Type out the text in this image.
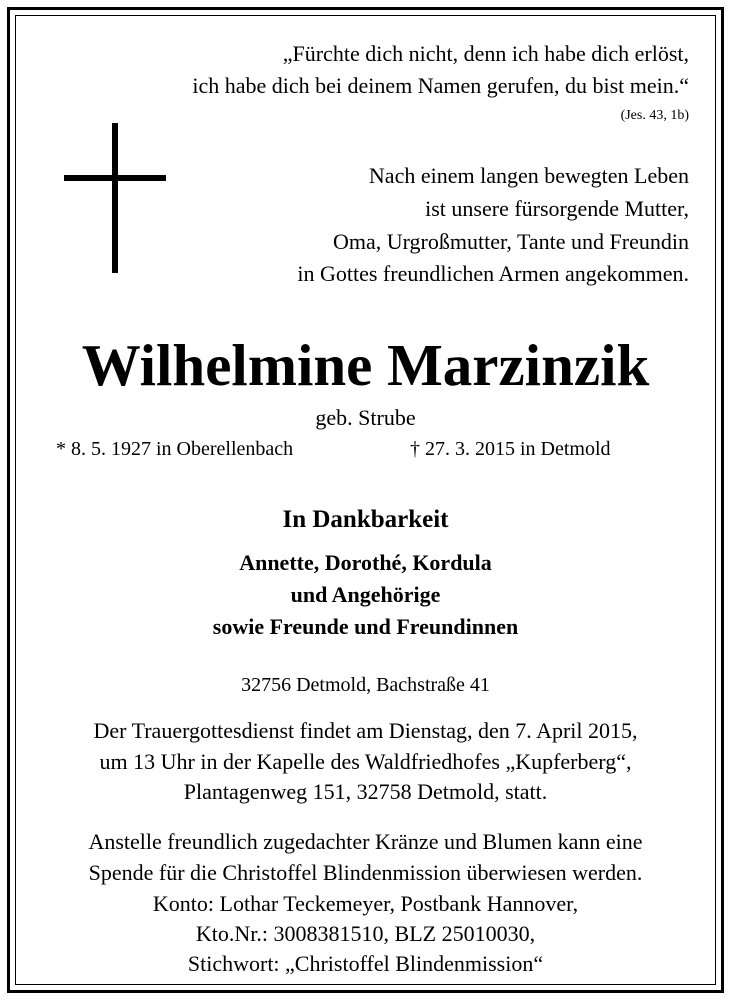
„Fürchte dich nicht, denn ich habe dich erlöst,
ich habe dich bei deinem Namen gerufen, du bist mein.“
(Jes. 43, 1b)
Nach einem langen bewegten Leben
ist unsere fürsorgende Mutter,
Oma, Urgroßmutter, Tante und Freundin
in Gottes freundlichen Armen angekommen.
Wilhelmine Marzinzik
geb. Strube
* 8. 5. 1927 in Oberellenbach	† 27. 3. 2015 in Detmold
In Dankbarkeit
Annette, Dorothé, Kordula
und Angehörige
sowie Freunde und Freundinnen
32756 Detmold, Bachstraße 41
Der Trauergottesdienst findet am Dienstag, den 7. April 2015,
um 13 Uhr in der Kapelle des Waldfriedhofes „Kupferberg“,
Plantagenweg 151, 32758 Detmold, statt.
Anstelle freundlich zugedachter Kränze und Blumen kann eine
Spende für die Christoffel Blindenmission überwiesen werden.
Konto: Lothar Teckemeyer, Postbank Hannover,
Kto.Nr.: 3008381510, BLZ 25010030,
Stichwort: „Christoffel Blindenmission“
